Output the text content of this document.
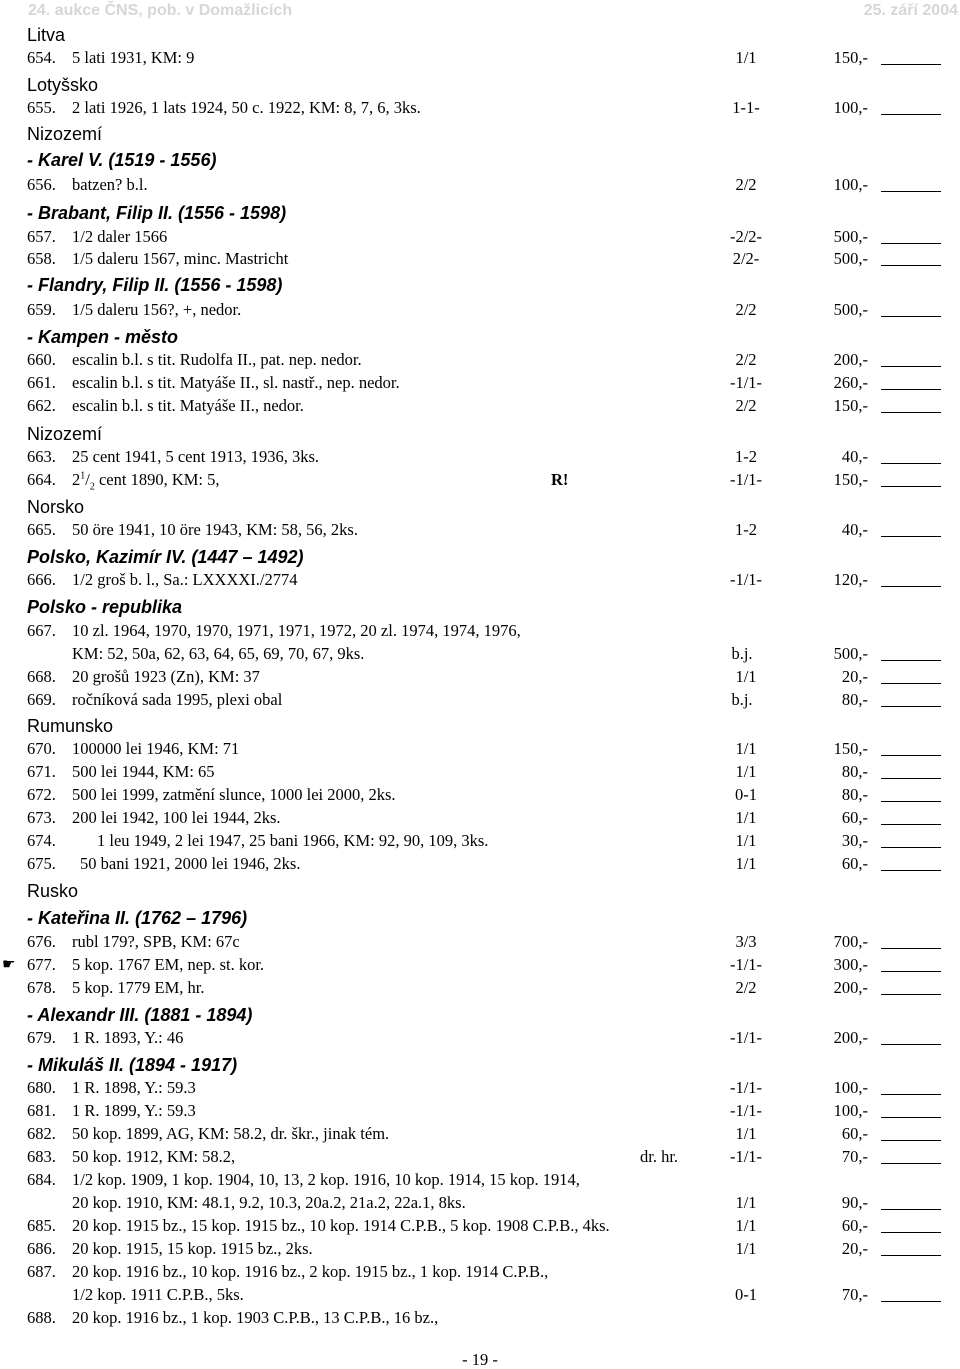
24. aukce ČNS, pob. v Domažlicích	25. září 2004
Litva
654. 5 lati 1931, KM: 9	1/1	150,-
Lotyšsko
655. 2 lati 1926, 1 lats 1924, 50 c. 1922, KM: 8, 7, 6, 3ks.	1-1-	100,-
Nizozemí
- Karel V. (1519 - 1556)
656. batzen? b.l.	2/2	100,-
- Brabant, Filip II. (1556 - 1598)
657. 1/2 daler 1566	-2/2-	500,-
658. 1/5 daleru 1567, minc. Mastricht	2/2-	500,-
- Flandry, Filip II. (1556 - 1598)
659. 1/5 daleru 156?, +, nedor.	2/2	500,-
- Kampen - město
660. escalin b.l. s tit. Rudolfa II., pat. nep. nedor.	2/2	200,-
661. escalin b.l. s tit. Matyáše II., sl. nastř., nep. nedor.	-1/1-	260,-
662. escalin b.l. s tit. Matyáše II., nedor.	2/2	150,-
Nizozemí
663. 25 cent 1941, 5 cent 1913, 1936, 3ks.	1-2	40,-
664. $2^1/_2$ cent 1890, KM: 5,	R!	-1/1-	150,-
Norsko
665. 50 öre 1941, 10 öre 1943, KM: 58, 56, 2ks.	1-2	40,-
Polsko, Kazimír IV. (1447 – 1492)
666. 1/2 groš b. l., Sa.: LXXXXI./2774	-1/1-	120,-
Polsko - republika
667. 10 zl. 1964, 1970, 1970, 1971, 1971, 1972, 20 zl. 1974, 1974, 1976,
KM: 52, 50a, 62, 63, 64, 65, 69, 70, 67, 9ks.	b.j.	500,-
668. 20 grošů 1923 (Zn), KM: 37	1/1	20,-
669. ročníková sada 1995, plexi obal	b.j.	80,-
Rumunsko
670. 100000 lei 1946, KM: 71	1/1	150,-
671. 500 lei 1944, KM: 65	1/1	80,-
672. 500 lei 1999, zatmění slunce, 1000 lei 2000, 2ks.	0-1	80,-
673. 200 lei 1942, 100 lei 1944, 2ks.	1/1	60,-
674. 1 leu 1949, 2 lei 1947, 25 bani 1966, KM: 92, 90, 109, 3ks.	1/1	30,-
675. 50 bani 1921, 2000 lei 1946, 2ks.	1/1	60,-
Rusko
- Kateřina II. (1762 – 1796)
676. rubl 179?, SPB, KM: 67c	3/3	700,-
☛ 677. 5 kop. 1767 EM, nep. st. kor.	-1/1-	300,-
678. 5 kop. 1779 EM, hr.	2/2	200,-
- Alexandr III. (1881 - 1894)
679. 1 R. 1893, Y.: 46	-1/1-	200,-
- Mikuláš II. (1894 - 1917)
680. 1 R. 1898, Y.: 59.3	-1/1-	100,-
681. 1 R. 1899, Y.: 59.3	-1/1-	100,-
682. 50 kop. 1899, AG, KM: 58.2, dr. škr., jinak tém.	1/1	60,-
683. 50 kop. 1912, KM: 58.2,	dr. hr.	-1/1-	70,-
684. 1/2 kop. 1909, 1 kop. 1904, 10, 13, 2 kop. 1916, 10 kop. 1914, 15 kop. 1914,
20 kop. 1910, KM: 48.1, 9.2, 10.3, 20a.2, 21a.2, 22a.1, 8ks.	1/1	90,-
685. 20 kop. 1915 bz., 15 kop. 1915 bz., 10 kop. 1914 C.P.B., 5 kop. 1908 C.P.B., 4ks.	1/1	60,-
686. 20 kop. 1915, 15 kop. 1915 bz., 2ks.	1/1	20,-
687. 20 kop. 1916 bz., 10 kop. 1916 bz., 2 kop. 1915 bz., 1 kop. 1914 C.P.B.,
1/2 kop. 1911 C.P.B., 5ks.	0-1	70,-
688. 20 kop. 1916 bz., 1 kop. 1903 C.P.B., 13 C.P.B., 16 bz.,
- 19 -
